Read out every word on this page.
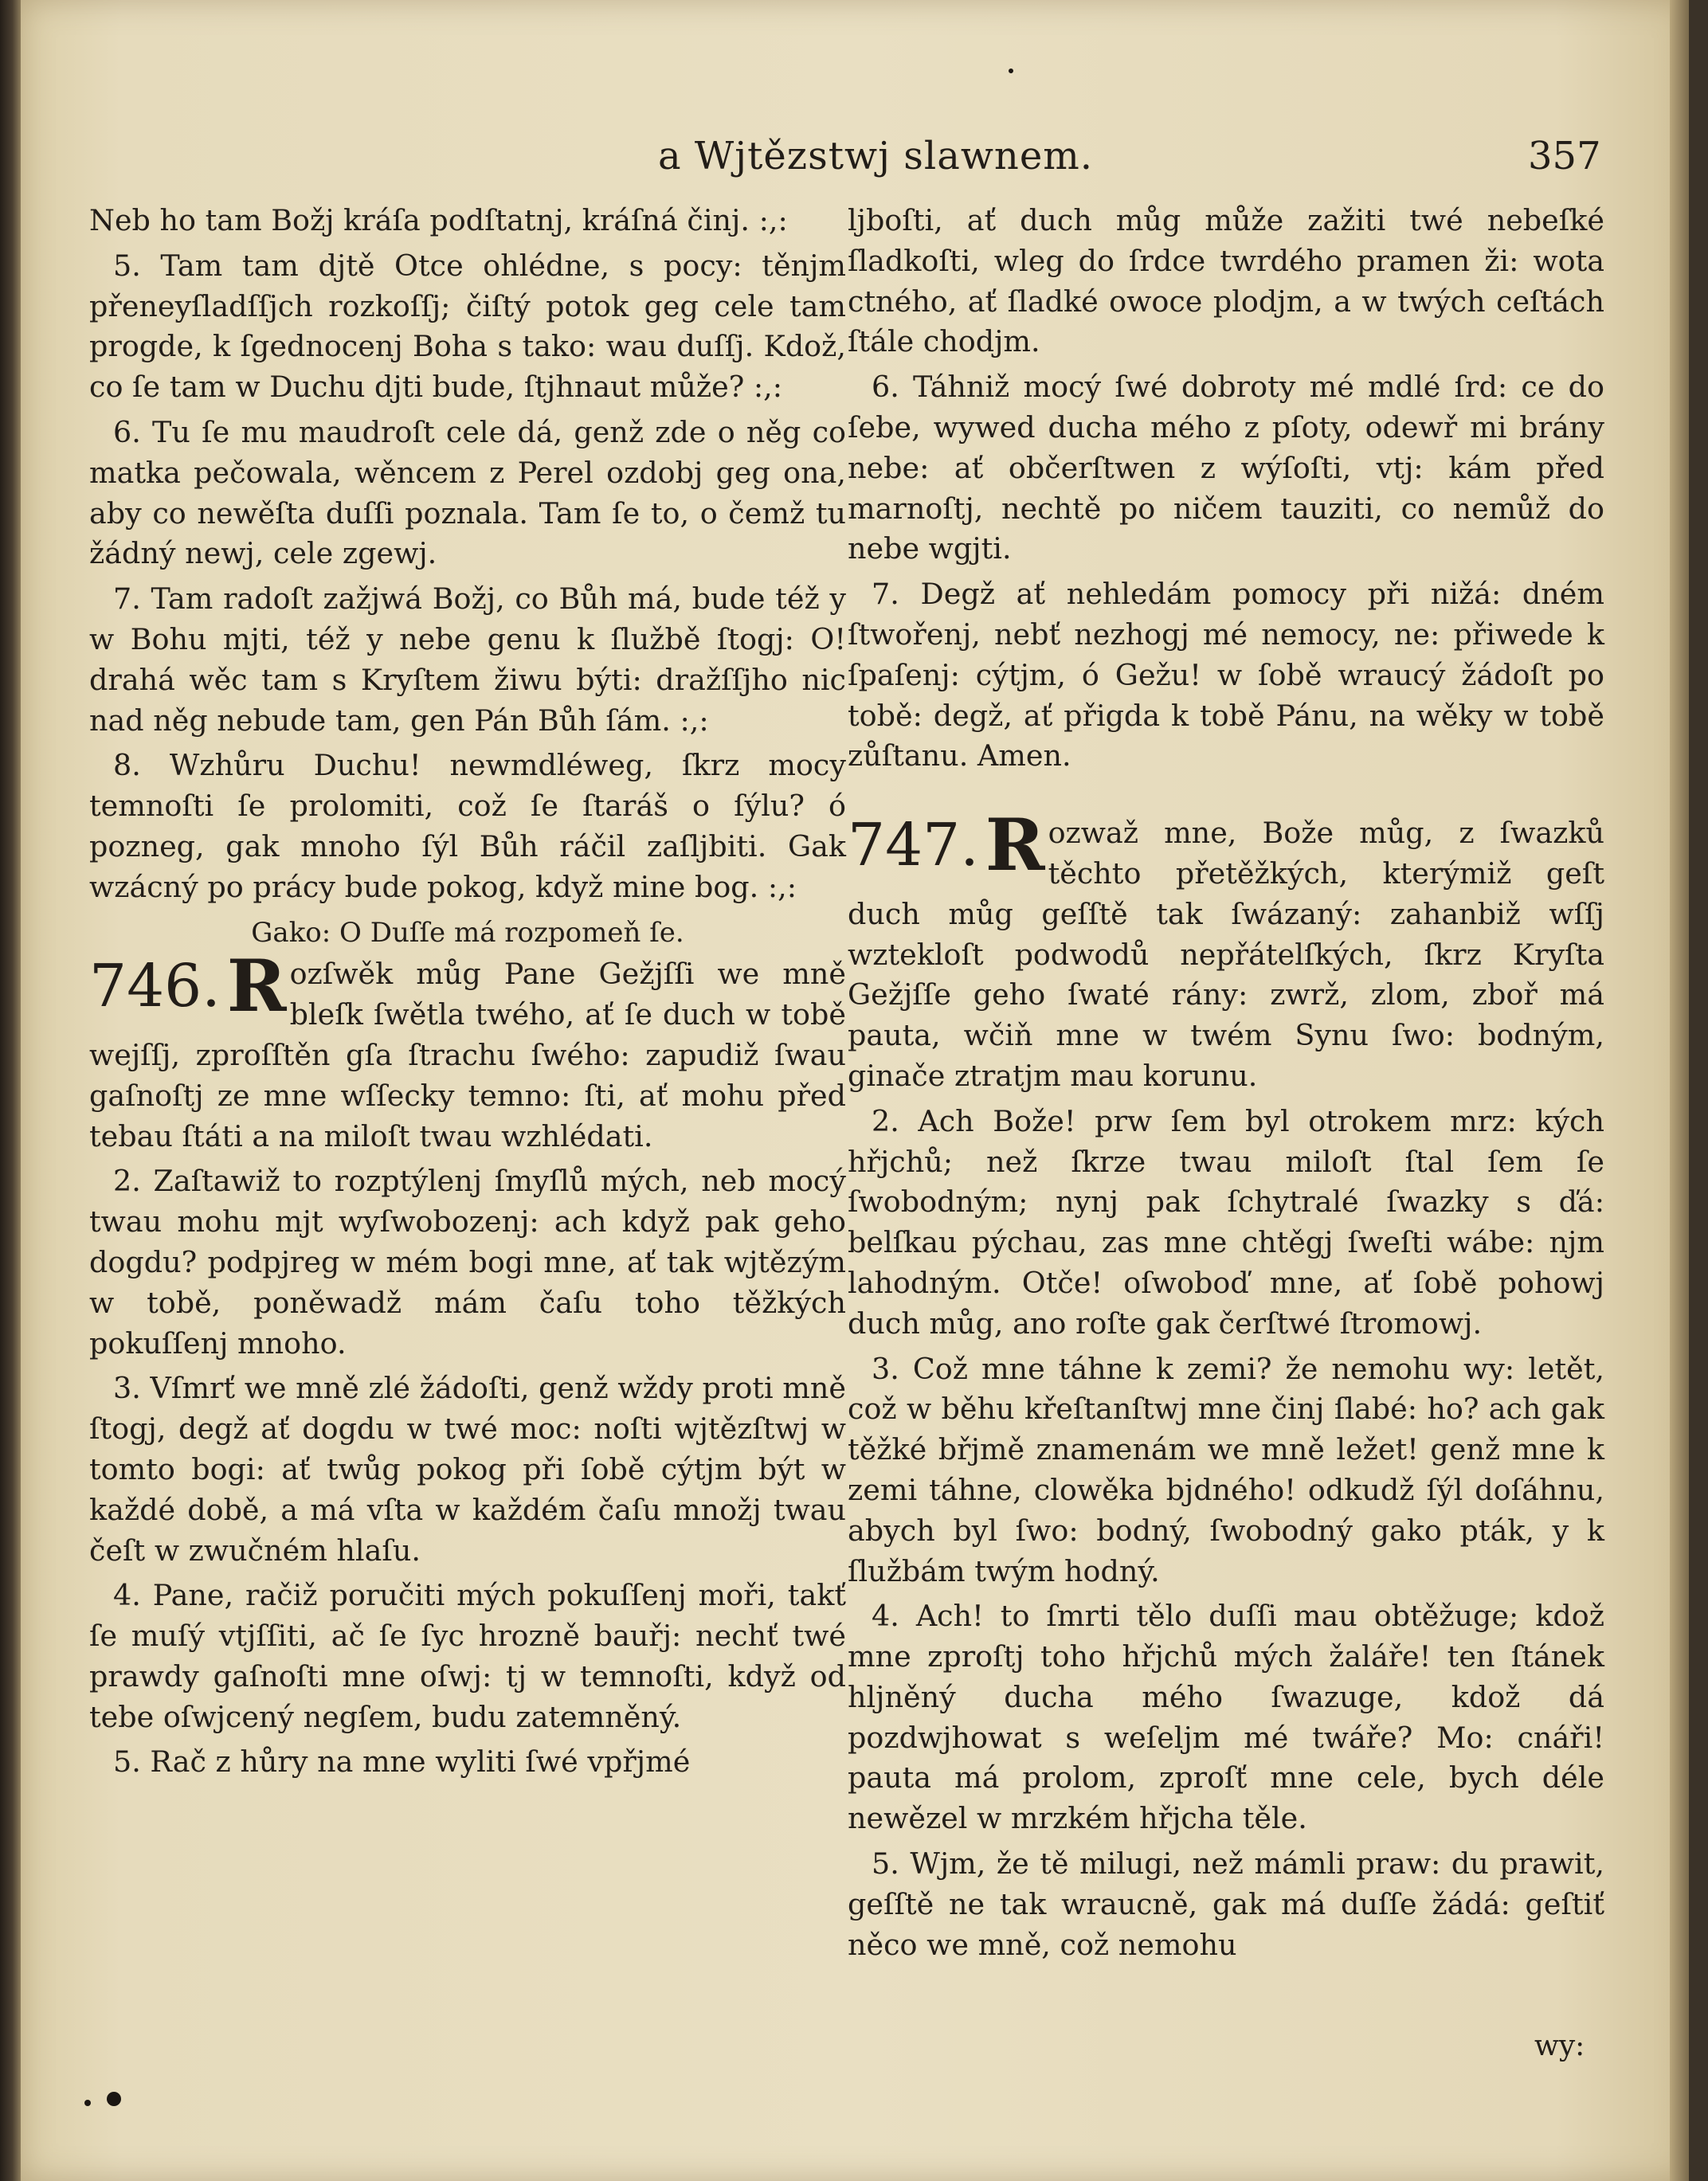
a Wjtězstwj slawnem.	357

Neb ho tam Božj kráſa podſtatnj, kráſná činj. :,:

5. Tam tam djtě Otce ohlédne, s pocy: těnjm přeneyſladſſjch rozkoſſj; čiſtý potok geg cele tam progde, k ſgednocenj Boha s tako: wau duſſj. Kdož, co ſe tam w Duchu djti bude, ſtjhnaut může? :,:

6. Tu ſe mu maudroſt cele dá, genž zde o něg co matka pečowala, wěncem z Perel ozdobj geg ona, aby co newěſta duſſi poznala. Tam ſe to, o čemž tu žádný newj, cele zgewj.

7. Tam radoſt zažjwá Božj, co Bůh má, bude též y w Bohu mjti, též y nebe genu k ſlužbě ſtogj: O! drahá wěc tam s Kryſtem žiwu býti: dražſſjho nic nad něg nebude tam, gen Pán Bůh ſám. :,:

8. Wzhůru Duchu! newmdléweg, ſkrz mocy temnoſti ſe prolomiti, což ſe ſtaráš o ſýlu? ó pozneg, gak mnoho ſýl Bůh ráčil zaſljbiti. Gak wzácný po prácy bude pokog, když mine bog. :,:

Gako: O Duſſe má rozpomeň ſe.

746. R ozſwěk můg Pane Gežjſſi we mně bleſk ſwětla twého, ať ſe duch w tobě wejſſj, zproſſtěn gſa ſtrachu ſwého: zapudiž ſwau gaſnoſtj ze mne wſſecky temno: ſti, ať mohu před tebau ſtáti a na miloſt twau wzhlédati.

2. Zaſtawiž to rozptýlenj ſmyſlů mých, neb mocý twau mohu mjt wyſwobozenj: ach když pak geho dogdu? podpjreg w mém bogi mne, ať tak wjtězým w tobě, poněwadž mám čaſu toho těžkých pokuſſenj mnoho.

3. Vſmrť we mně zlé žádoſti, genž wždy proti mně ſtogj, degž ať dogdu w twé moc: noſti wjtězſtwj w tomto bogi: ať twůg pokog při ſobě cýtjm být w každé době, a má vſta w každém čaſu množj twau čeſt w zwučném hlaſu.

4. Pane, račiž poručiti mých pokuſſenj moři, takť ſe muſý vtjſſiti, ač ſe ſyc hrozně bauřj: nechť twé prawdy gaſnoſti mne oſwj: tj w temnoſti, když od tebe oſwjcený negſem, budu zatemněný.

5. Rač z hůry na mne wyliti ſwé vpřjmé

ljboſti, ať duch můg může zažiti twé nebeſké ſladkoſti, wleg do ſrdce twrdého pramen ži: wota ctného, ať ſladké owoce plodjm, a w twých ceſtách ſtále chodjm.

6. Táhniž mocý ſwé dobroty mé mdlé ſrd: ce do ſebe, wywed ducha mého z pſoty, odewř mi brány nebe: ať občerſtwen z wýſoſti, vtj: kám před marnoſtj, nechtě po ničem tauziti, co nemůž do nebe wgjti.

7. Degž ať nehledám pomocy při nižá: dném ſtwořenj, nebť nezhogj mé nemocy, ne: přiwede k ſpaſenj: cýtjm, ó Gežu! w ſobě wraucý žádoſt po tobě: degž, ať přigda k tobě Pánu, na wěky w tobě zůſtanu. Amen.

747. R ozwaž mne, Bože můg, z ſwazků těchto přetěžkých, kterýmiž geſt duch můg geſſtě tak ſwázaný: zahanbiž wſſj wztekloſt podwodů nepřátelſkých, ſkrz Kryſta Gežjſſe geho ſwaté rány: zwrž, zlom, zboř má pauta, wčiň mne w twém Synu ſwo: bodným, ginače ztratjm mau korunu.

2. Ach Bože! prw ſem byl otrokem mrz: kých hřjchů; než ſkrze twau miloſt ſtal ſem ſe ſwobodným; nynj pak ſchytralé ſwazky s ďá: belſkau pýchau, zas mne chtěgj ſweſti wábe: njm lahodným. Otče! oſwoboď mne, ať ſobě pohowj duch můg, ano roſte gak čerſtwé ſtromowj.

3. Což mne táhne k zemi? že nemohu wy: letět, což w běhu křeſtanſtwj mne činj ſlabé: ho? ach gak těžké břjmě znamenám we mně ležet! genž mne k zemi táhne, clowěka bjdného! odkudž ſýl doſáhnu, abych byl ſwo: bodný, ſwobodný gako pták, y k ſlužbám twým hodný.

4. Ach! to ſmrti tělo duſſi mau obtěžuge; kdož mne zproſtj toho hřjchů mých žaláře! ten ſtánek hljněný ducha mého ſwazuge, kdož dá pozdwjhowat s weſeljm mé twáře? Mo: cnáři! pauta má prolom, zproſť mne cele, bych déle newězel w mrzkém hřjcha těle.

5. Wjm, že tě milugi, než mámli praw: du prawit, geſſtě ne tak wraucně, gak má duſſe žádá: geſtiť něco we mně, což nemohu

wy:
